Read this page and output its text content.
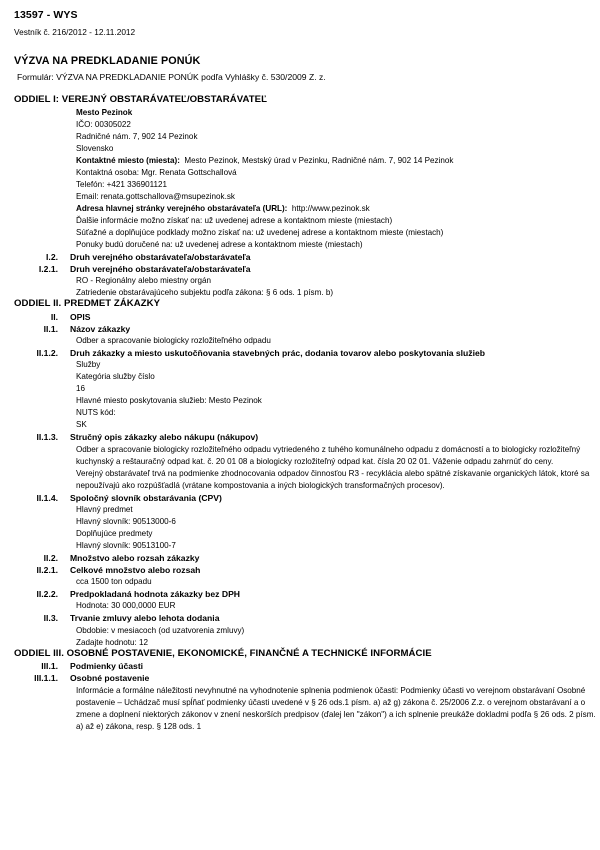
13597 - WYS
Vestník č. 216/2012 - 12.11.2012
VÝZVA NA PREDKLADANIE PONÚK
Formulár: VÝZVA NA PREDKLADANIE PONÚK podľa Vyhlášky č. 530/2009 Z. z.
ODDIEL I: VEREJNÝ OBSTARÁVATEĽ/OBSTARÁVATEĽ
Mesto Pezinok
IČO: 00305022
Radničné nám. 7, 902 14 Pezinok
Slovensko
Kontaktné miesto (miesta): Mesto Pezinok, Mestský úrad v Pezinku, Radničné nám. 7, 902 14 Pezinok
Kontaktná osoba: Mgr. Renata Gottschallová
Telefón: +421 336901121
Email: renata.gottschallova@msupezinok.sk
Adresa hlavnej stránky verejného obstarávateľa (URL): http://www.pezinok.sk
Ďalšie informácie možno získať na: už uvedenej adrese a kontaktnom mieste (miestach)
Súťažné a doplňujúce podklady možno získať na: už uvedenej adrese a kontaktnom mieste (miestach)
Ponuky budú doručené na: už uvedenej adrese a kontaktnom mieste (miestach)
I.2.	Druh verejného obstarávateľa/obstarávateľa
I.2.1.	Druh verejného obstarávateľa/obstarávateľa
RO - Regionálny alebo miestny orgán
Zatriedenie obstarávajúceho subjektu podľa zákona: § 6 ods. 1 písm. b)
ODDIEL II. PREDMET ZÁKAZKY
II.	OPIS
II.1.	Názov zákazky
Odber a spracovanie biologicky rozložiteľného odpadu
II.1.2.	Druh zákazky a miesto uskutočňovania stavebných prác, dodania tovarov alebo poskytovania služieb
Služby
Kategória služby číslo
16
Hlavné miesto poskytovania služieb: Mesto Pezinok
NUTS kód:
SK
II.1.3.	Stručný opis zákazky alebo nákupu (nákupov)
Odber a spracovanie biologicky rozložiteľného odpadu vytriedeného z tuhého komunálneho odpadu z domácností a to biologicky rozložiteľný kuchynský a reštauračný odpad kat. č. 20 01 08 a biologicky rozložiteľný odpad kat. čísla 20 02 01. Váženie odpadu zahrnúť do ceny.
Verejný obstarávateľ trvá na podmienke zhodnocovania odpadov činnosťou R3 - recyklácia alebo spätné získavanie organických látok, ktoré sa nepoužívajú ako rozpúšťadlá (vrátane kompostovania a iných biologických transformačných procesov).
II.1.4.	Spoločný slovník obstarávania (CPV)
Hlavný predmet
Hlavný slovník: 90513000-6
Doplňujúce predmety
Hlavný slovník: 90513100-7
II.2.	Množstvo alebo rozsah zákazky
II.2.1.	Celkové množstvo alebo rozsah
cca 1500 ton odpadu
II.2.2.	Predpokladaná hodnota zákazky bez DPH
Hodnota: 30 000,0000 EUR
II.3.	Trvanie zmluvy alebo lehota dodania
Obdobie: v mesiacoch (od uzatvorenia zmluvy)
Zadajte hodnotu: 12
ODDIEL III. OSOBNÉ POSTAVENIE, EKONOMICKÉ, FINANČNÉ A TECHNICKÉ INFORMÁCIE
III.1.	Podmienky účasti
III.1.1.	Osobné postavenie
Informácie a formálne náležitosti nevyhnutné na vyhodnotenie splnenia podmienok účasti: Podmienky účasti vo verejnom obstarávaní Osobné postavenie – Uchádzač musí spĺňať podmienky účasti uvedené v § 26 ods.1 písm. a) až g) zákona č. 25/2006 Z.z. o verejnom obstarávaní a o zmene a doplnení niektorých zákonov v znení neskorších predpisov (ďalej len "zákon") a ich splnenie preukáže dokladmi podľa § 26 ods. 2 písm. a) až e) zákona, resp. § 128 ods. 1
